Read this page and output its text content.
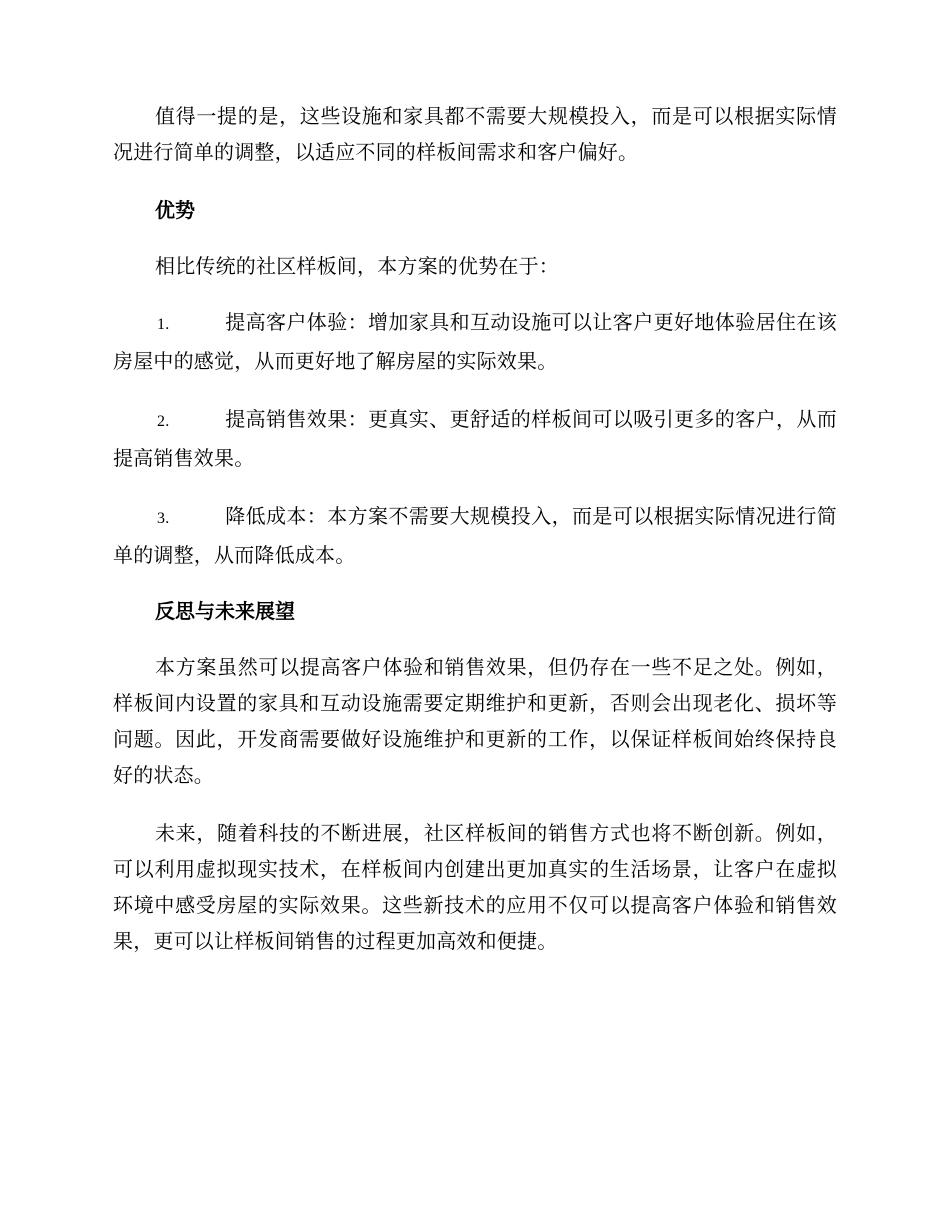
值得一提的是，这些设施和家具都不需要大规模投入，而是可以根据实际情况进行简单的调整，以适应不同的样板间需求和客户偏好。

优势

相比传统的社区样板间，本方案的优势在于：

1.	提高客户体验：增加家具和互动设施可以让客户更好地体验居住在该房屋中的感觉，从而更好地了解房屋的实际效果。

2.	提高销售效果：更真实、更舒适的样板间可以吸引更多的客户，从而提高销售效果。

3.	降低成本：本方案不需要大规模投入，而是可以根据实际情况进行简单的调整，从而降低成本。

反思与未来展望

本方案虽然可以提高客户体验和销售效果，但仍存在一些不足之处。例如，样板间内设置的家具和互动设施需要定期维护和更新，否则会出现老化、损坏等问题。因此，开发商需要做好设施维护和更新的工作，以保证样板间始终保持良好的状态。

未来，随着科技的不断进展，社区样板间的销售方式也将不断创新。例如，可以利用虚拟现实技术，在样板间内创建出更加真实的生活场景，让客户在虚拟环境中感受房屋的实际效果。这些新技术的应用不仅可以提高客户体验和销售效果，更可以让样板间销售的过程更加高效和便捷。
